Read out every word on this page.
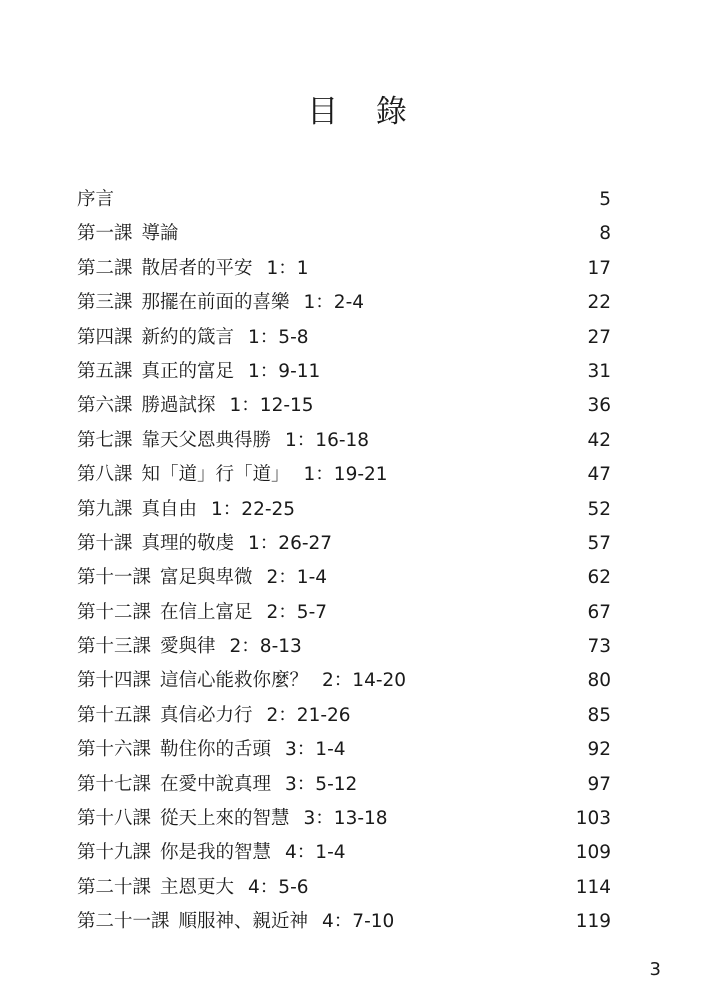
目 錄
序言	5
第一課 導論	8
第二課 散居者的平安 1：1	17
第三課 那擺在前面的喜樂 1：2-4	22
第四課 新約的箴言 1：5-8	27
第五課 真正的富足 1：9-11	31
第六課 勝過試探 1：12-15	36
第七課 靠天父恩典得勝 1：16-18	42
第八課 知「道」行「道」 1：19-21	47
第九課 真自由 1：22-25	52
第十課 真理的敬虔 1：26-27	57
第十一課 富足與卑微 2：1-4	62
第十二課 在信上富足 2：5-7	67
第十三課 愛與律 2：8-13	73
第十四課 這信心能救你麼？ 2：14-20	80
第十五課 真信必力行 2：21-26	85
第十六課 勒住你的舌頭 3：1-4	92
第十七課 在愛中說真理 3：5-12	97
第十八課 從天上來的智慧 3：13-18	103
第十九課 你是我的智慧 4：1-4	109
第二十課 主恩更大 4：5-6	114
第二十一課 順服神、親近神 4：7-10	119
3
